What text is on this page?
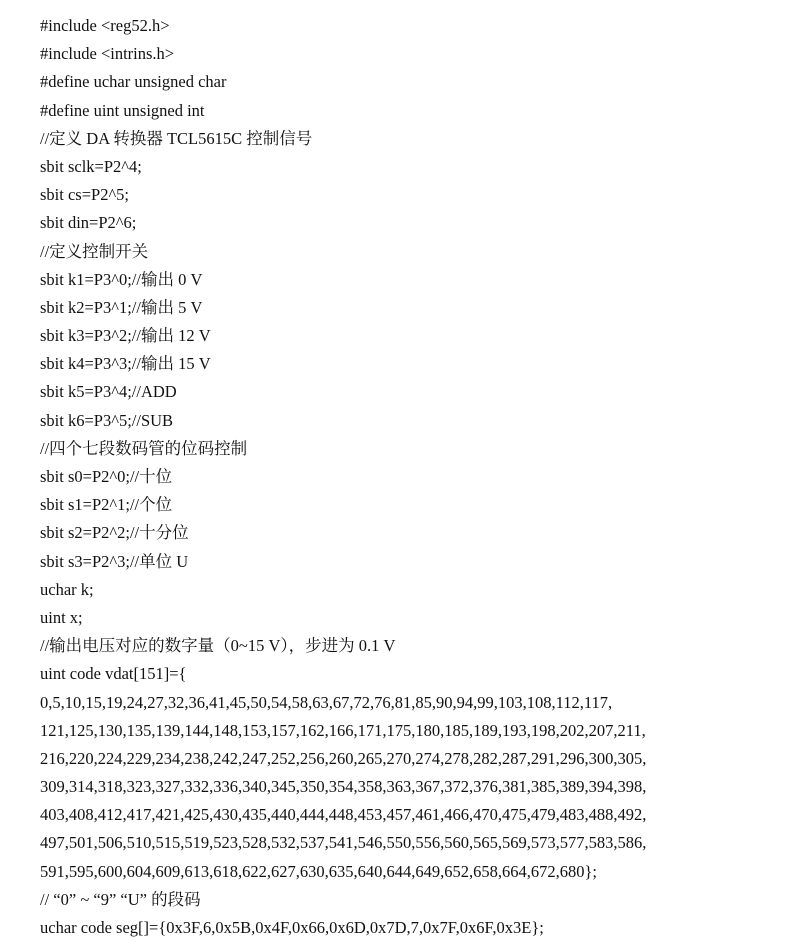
#include <reg52.h>
#include <intrins.h>
#define uchar unsigned char
#define uint unsigned int
//定义 DA 转换器 TCL5615C 控制信号
sbit sclk=P2^4;
sbit cs=P2^5;
sbit din=P2^6;
//定义控制开关
sbit k1=P3^0;//输出 0 V
sbit k2=P3^1;//输出 5 V
sbit k3=P3^2;//输出 12 V
sbit k4=P3^3;//输出 15 V
sbit k5=P3^4;//ADD
sbit k6=P3^5;//SUB
//四个七段数码管的位码控制
sbit s0=P2^0;//十位
sbit s1=P2^1;//个位
sbit s2=P2^2;//十分位
sbit s3=P2^3;//单位 U
uchar k;
uint x;
//输出电压对应的数字量（0~15 V），步进为 0.1 V
uint code vdat[151]={
0,5,10,15,19,24,27,32,36,41,45,50,54,58,63,67,72,76,81,85,90,94,99,103,108,112,117,
121,125,130,135,139,144,148,153,157,162,166,171,175,180,185,189,193,198,202,207,211,
216,220,224,229,234,238,242,247,252,256,260,265,270,274,278,282,287,291,296,300,305,
309,314,318,323,327,332,336,340,345,350,354,358,363,367,372,376,381,385,389,394,398,
403,408,412,417,421,425,430,435,440,444,448,453,457,461,466,470,475,479,483,488,492,
497,501,506,510,515,519,523,528,532,537,541,546,550,556,560,565,569,573,577,583,586,
591,595,600,604,609,613,618,622,627,630,635,640,644,649,652,658,664,672,680};
// “0” ~ “9” “U” 的段码
uchar code seg[]={0x3F,6,0x5B,0x4F,0x66,0x6D,0x7D,7,0x7F,0x6F,0x3E};
